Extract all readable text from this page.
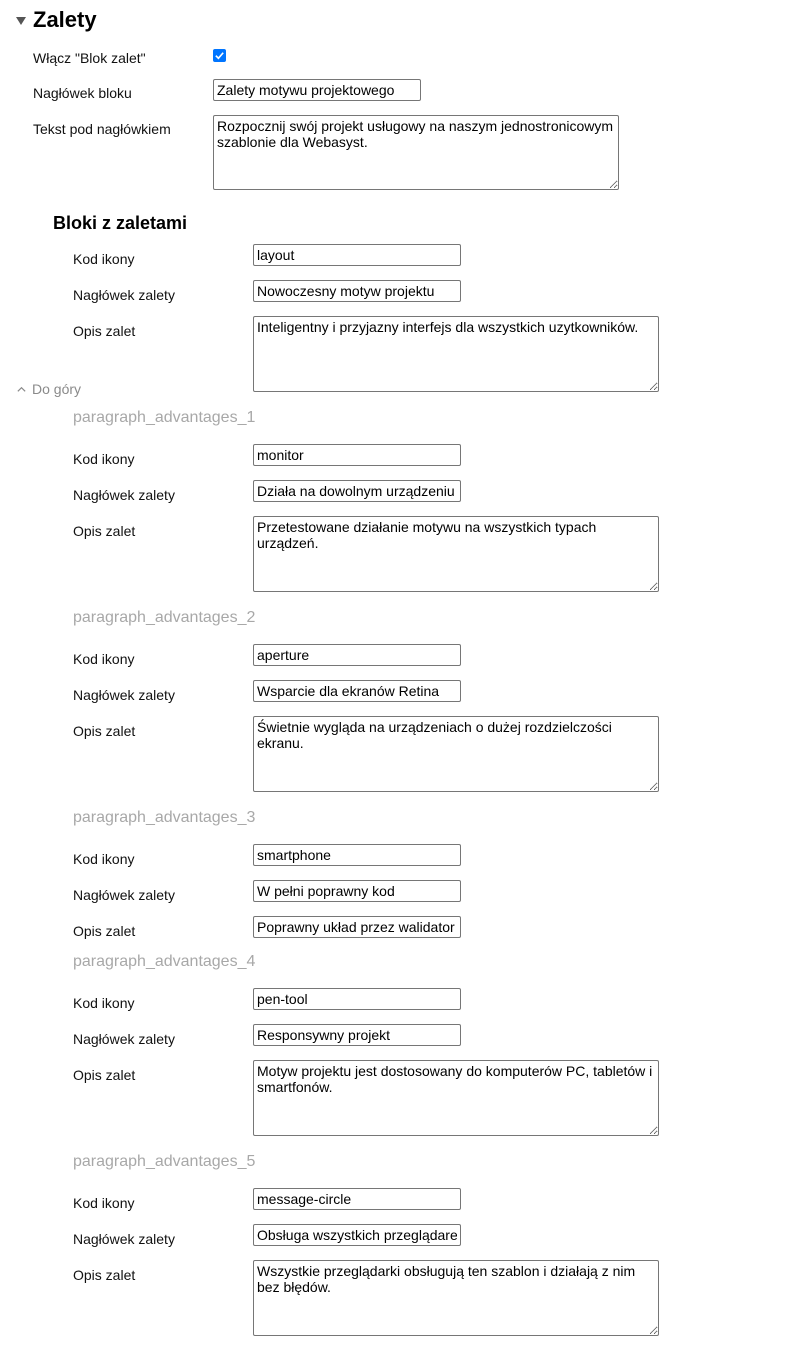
Zalety
Włącz "Blok zalet"
Nagłówek bloku
Zalety motywu projektowego
Tekst pod nagłówkiem
Rozpocznij swój projekt usługowy na naszym jednostronicowym szablonie dla Webasyst.
Bloki z zaletami
Kod ikony
layout
Nagłówek zalety
Nowoczesny motyw projektu
Opis zalet
Inteligentny i przyjazny interfejs dla wszystkich uzytkowników.
Do góry
paragraph_advantages_1
Kod ikony
monitor
Nagłówek zalety
Działa na dowolnym urządzeniu
Opis zalet
Przetestowane działanie motywu na wszystkich typach urządzeń.
paragraph_advantages_2
Kod ikony
aperture
Nagłówek zalety
Wsparcie dla ekranów Retina
Opis zalet
Świetnie wygląda na urządzeniach o dużej rozdzielczości ekranu.
paragraph_advantages_3
Kod ikony
smartphone
Nagłówek zalety
W pełni poprawny kod
Opis zalet
Poprawny układ przez walidator
paragraph_advantages_4
Kod ikony
pen-tool
Nagłówek zalety
Responsywny projekt
Opis zalet
Motyw projektu jest dostosowany do komputerów PC, tabletów i smartfonów.
paragraph_advantages_5
Kod ikony
message-circle
Nagłówek zalety
Obsługa wszystkich przeglądarek
Opis zalet
Wszystkie przeglądarki obsługują ten szablon i działają z nim bez błędów.
